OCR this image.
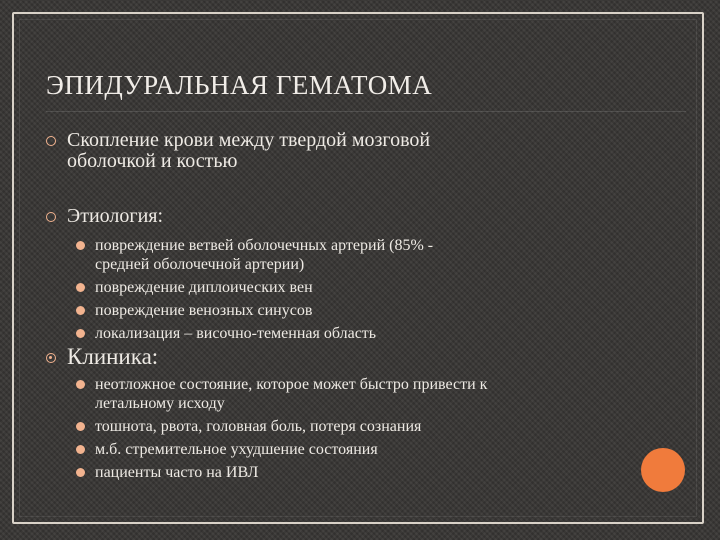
ЭПИДУРАЛЬНАЯ ГЕМАТОМА
Скопление крови между твердой мозговой
оболочкой и костью
Этиология:
повреждение ветвей оболочечных артерий (85% -
средней оболочечной артерии)
повреждение диплоических вен
повреждение венозных синусов
локализация – височно-теменная область
Клиника:
неотложное состояние, которое может быстро привести к
летальному исходу
тошнота, рвота, головная боль, потеря сознания
м.б. стремительное ухудшение состояния
пациенты часто на ИВЛ
